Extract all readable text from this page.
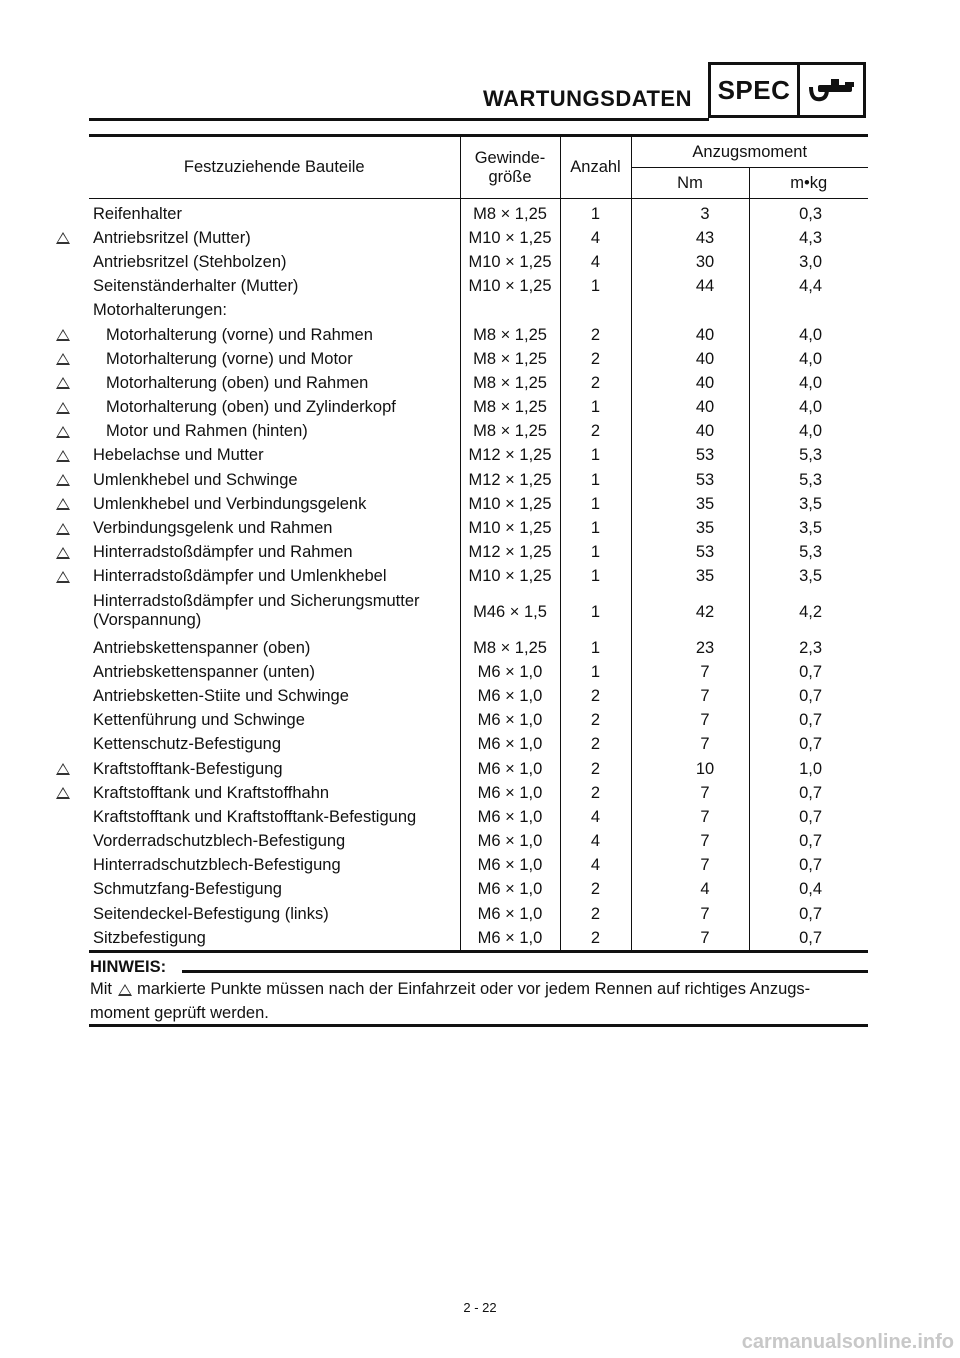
WARTUNGSDATEN SPEC
Festzuziehende Bauteile	Gewinde-
größe	Anzahl	Anzugsmoment	
			Nm	m•kg
Reifenhalter	M8 × 1,25	1	3	0,3
Antriebsritzel (Mutter)	M10 × 1,25	4	43	4,3
Antriebsritzel (Stehbolzen)	M10 × 1,25	4	30	3,0
Seitenständerhalter (Mutter)	M10 × 1,25	1	44	4,4
Motorhalterungen:				
Motorhalterung (vorne) und Rahmen	M8 × 1,25	2	40	4,0
Motorhalterung (vorne) und Motor	M8 × 1,25	2	40	4,0
Motorhalterung (oben) und Rahmen	M8 × 1,25	2	40	4,0
Motorhalterung (oben) und Zylinderkopf	M8 × 1,25	1	40	4,0
Motor und Rahmen (hinten)	M8 × 1,25	2	40	4,0
Hebelachse und Mutter	M12 × 1,25	1	53	5,3
Umlenkhebel und Schwinge	M12 × 1,25	1	53	5,3
Umlenkhebel und Verbindungsgelenk	M10 × 1,25	1	35	3,5
Verbindungsgelenk und Rahmen	M10 × 1,25	1	35	3,5
Hinterradstoßdämpfer und Rahmen	M12 × 1,25	1	53	5,3
Hinterradstoßdämpfer und Umlenkhebel	M10 × 1,25	1	35	3,5
Hinterradstoßdämpfer und Sicherungsmutter
(Vorspannung)	M46 × 1,5	1	42	4,2
Antriebskettenspanner (oben)	M8 × 1,25	1	23	2,3
Antriebskettenspanner (unten)	M6 × 1,0	1	7	0,7
Antriebsketten-Stiite und Schwinge	M6 × 1,0	2	7	0,7
Kettenführung und Schwinge	M6 × 1,0	2	7	0,7
Kettenschutz-Befestigung	M6 × 1,0	2	7	0,7
Kraftstofftank-Befestigung	M6 × 1,0	2	10	1,0
Kraftstofftank und Kraftstoffhahn	M6 × 1,0	2	7	0,7
Kraftstofftank und Kraftstofftank-Befestigung	M6 × 1,0	4	7	0,7
Vorderradschutzblech-Befestigung	M6 × 1,0	4	7	0,7
Hinterradschutzblech-Befestigung	M6 × 1,0	4	7	0,7
Schmutzfang-Befestigung	M6 × 1,0	2	4	0,4
Seitendeckel-Befestigung (links)	M6 × 1,0	2	7	0,7
Sitzbefestigung	M6 × 1,0	2	7	0,7
HINWEIS:
Mit markierte Punkte müssen nach der Einfahrzeit oder vor jedem Rennen auf richtiges Anzugs-moment geprüft werden.
2 - 22
carmanualsonline.info
